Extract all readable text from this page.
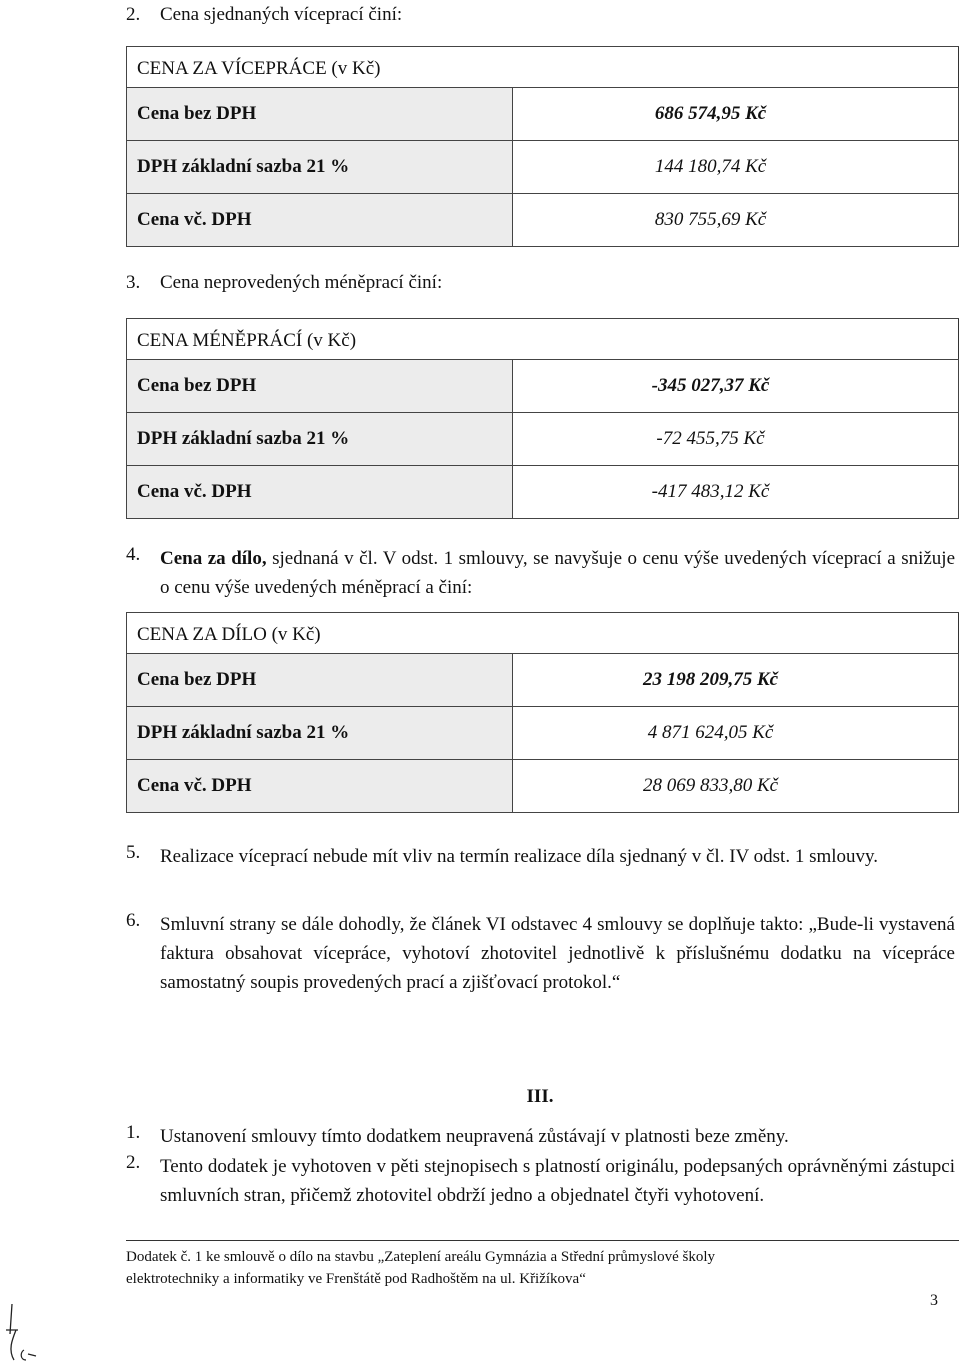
2. Cena sjednaných víceprací činí:
CENA ZA VÍCEPRÁCE (v Kč)	
Cena bez DPH	686 574,95 Kč
DPH základní sazba 21 %	144 180,74 Kč
Cena vč. DPH	830 755,69 Kč
3. Cena neprovedených méněprací činí:
CENA MÉNĚPRÁCÍ (v Kč)	
Cena bez DPH	-345 027,37 Kč
DPH základní sazba 21 %	-72 455,75 Kč
Cena vč. DPH	-417 483,12 Kč
4. Cena za dílo, sjednaná v čl. V odst. 1 smlouvy, se navyšuje o cenu výše uvedených víceprací a snižuje o cenu výše uvedených méněprací a činí:
CENA ZA DÍLO (v Kč)	
Cena bez DPH	23 198 209,75 Kč
DPH základní sazba 21 %	4 871 624,05 Kč
Cena vč. DPH	28 069 833,80 Kč
5. Realizace víceprací nebude mít vliv na termín realizace díla sjednaný v čl. IV odst. 1 smlouvy.
6. Smluvní strany se dále dohodly, že článek VI odstavec 4 smlouvy se doplňuje takto: „Bude-li vystavená faktura obsahovat vícepráce, vyhotoví zhotovitel jednotlivě k příslušnému dodatku na vícepráce samostatný soupis provedených prací a zjišťovací protokol.“
III.
1. Ustanovení smlouvy tímto dodatkem neupravená zůstávají v platnosti beze změny.
2. Tento dodatek je vyhotoven v pěti stejnopisech s platností originálu, podepsaných oprávněnými zástupci smluvních stran, přičemž zhotovitel obdrží jedno a objednatel čtyři vyhotovení.
Dodatek č. 1 ke smlouvě o dílo na stavbu „Zateplení areálu Gymnázia a Střední průmyslové školy
elektrotechniky a informatiky ve Frenštátě pod Radhoštěm na ul. Křižíkova“
3
